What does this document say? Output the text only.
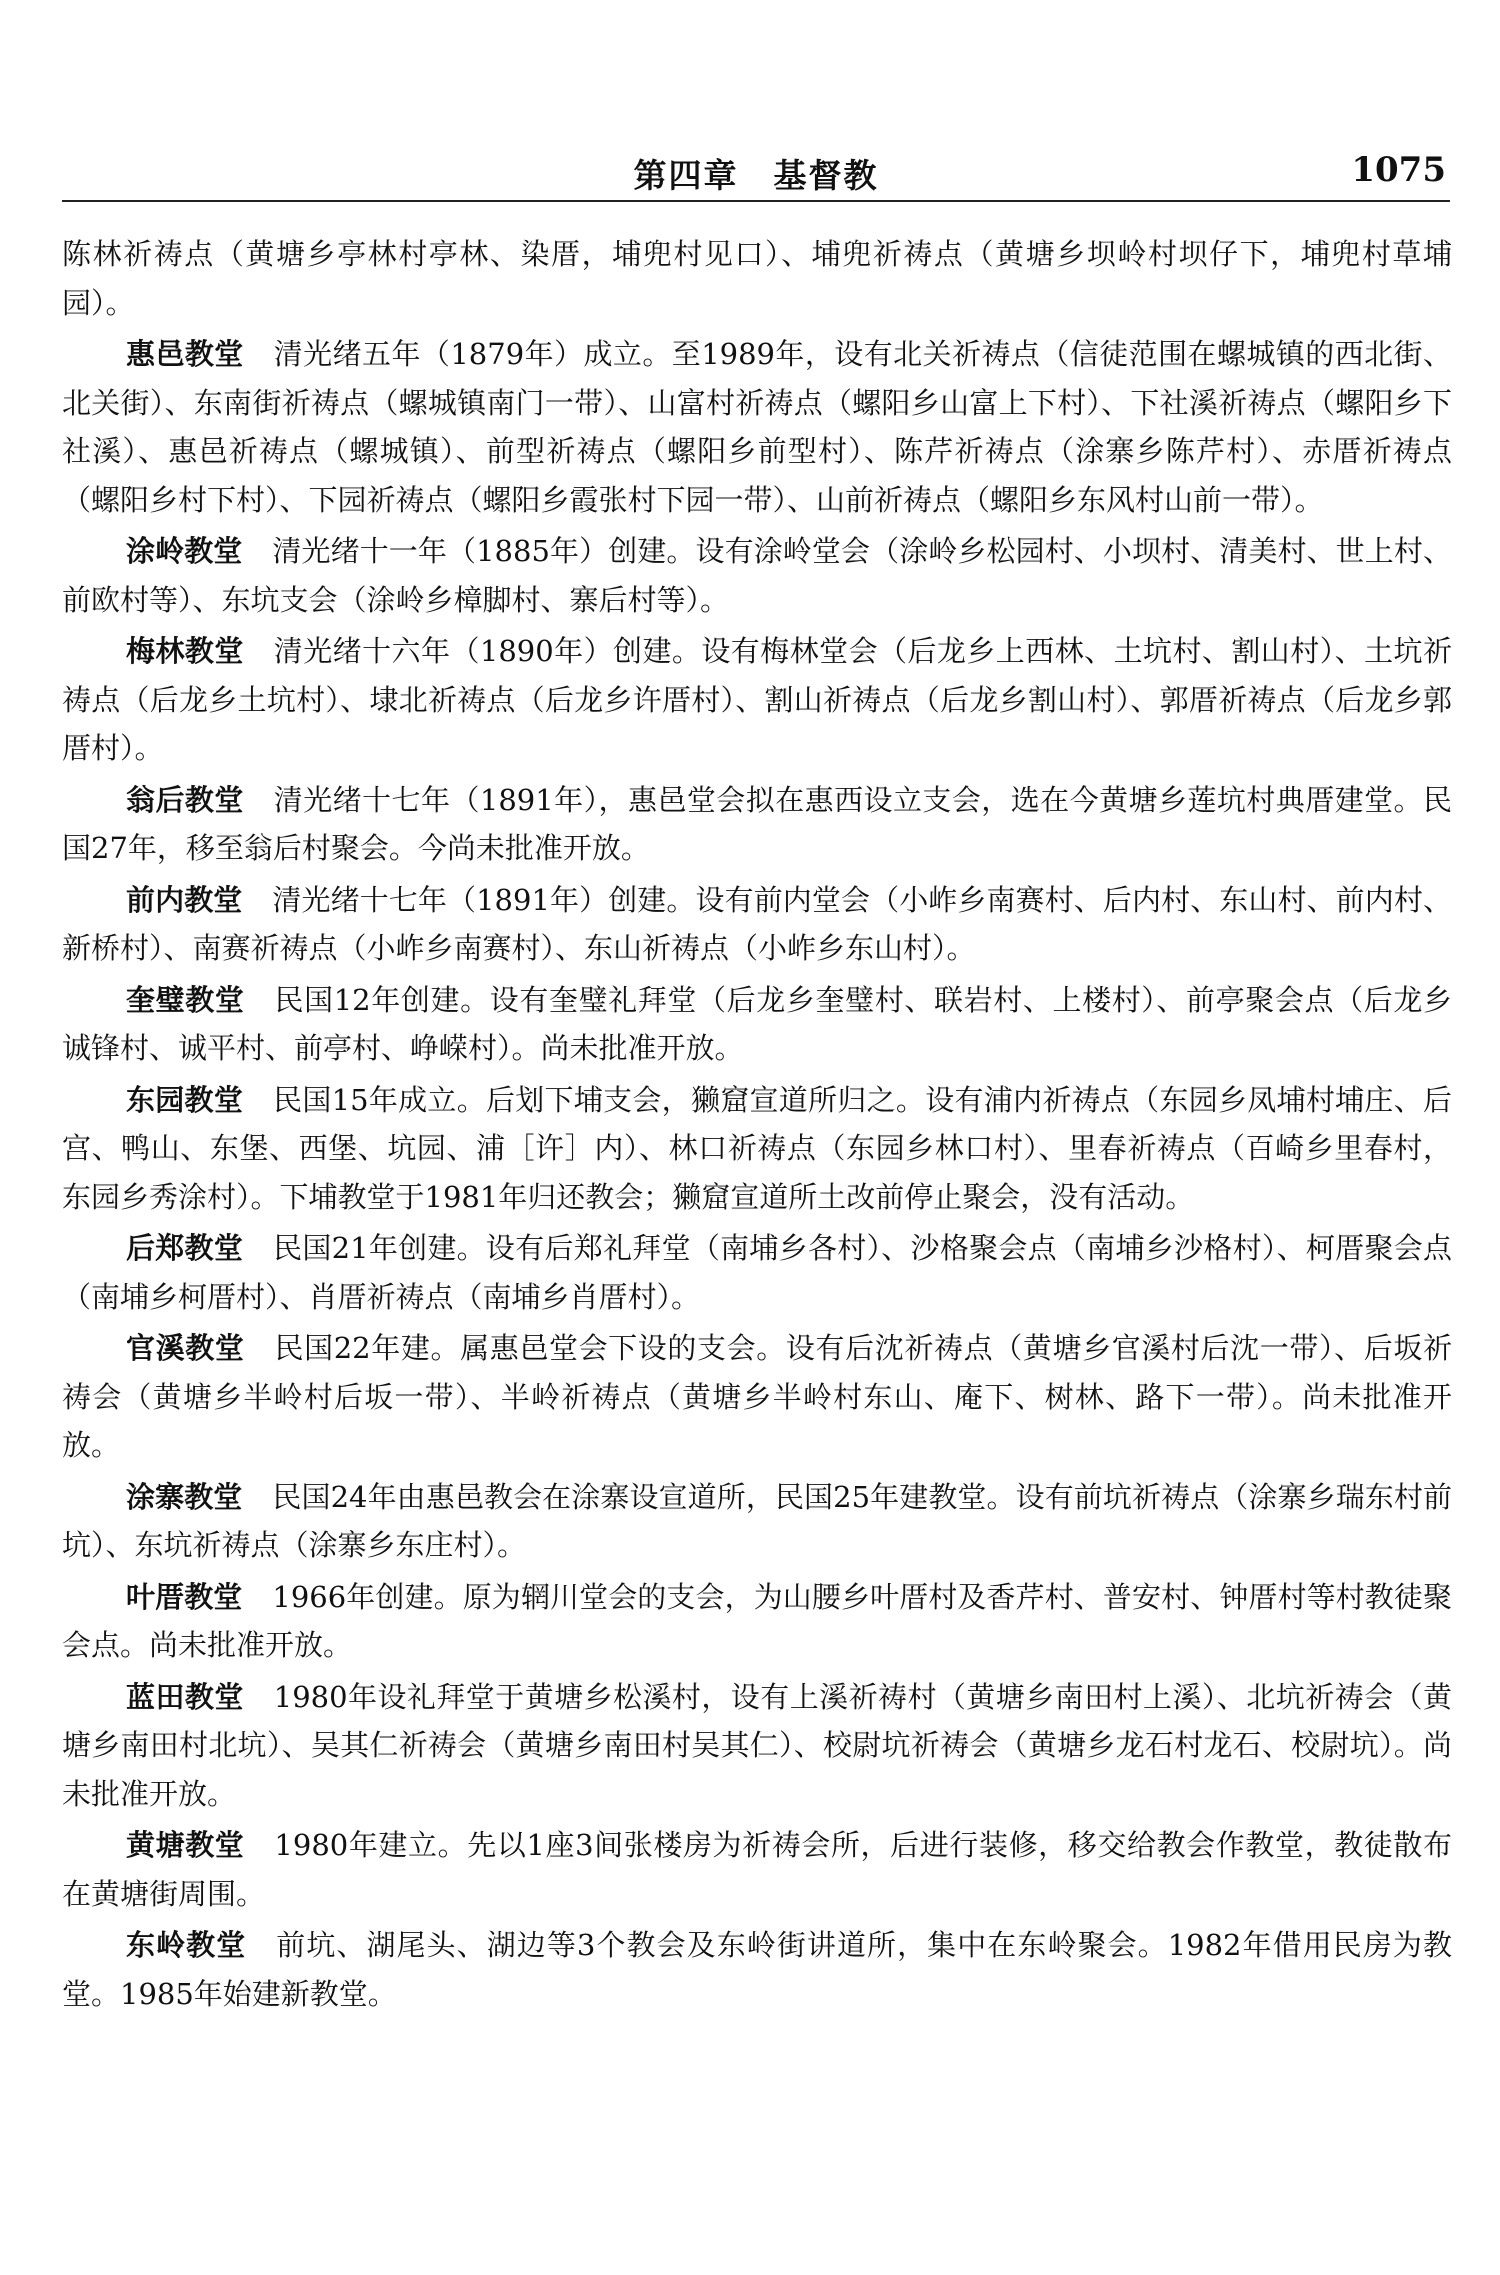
第四章　基督教	1075

陈林祈祷点（黄塘乡亭林村亭林、染厝，埔兜村见口）、埔兜祈祷点（黄塘乡坝岭村坝仔下，埔兜村草埔园）。

惠邑教堂 清光绪五年（1879年）成立。至1989年，设有北关祈祷点（信徒范围在螺城镇的西北街、北关街）、东南街祈祷点（螺城镇南门一带）、山富村祈祷点（螺阳乡山富上下村）、下社溪祈祷点（螺阳乡下社溪）、惠邑祈祷点（螺城镇）、前型祈祷点（螺阳乡前型村）、陈芹祈祷点（涂寨乡陈芹村）、赤厝祈祷点（螺阳乡村下村）、下园祈祷点（螺阳乡霞张村下园一带）、山前祈祷点（螺阳乡东风村山前一带）。

涂岭教堂 清光绪十一年（1885年）创建。设有涂岭堂会（涂岭乡松园村、小坝村、清美村、世上村、前欧村等）、东坑支会（涂岭乡樟脚村、寨后村等）。

梅林教堂 清光绪十六年（1890年）创建。设有梅林堂会（后龙乡上西林、土坑村、割山村）、土坑祈祷点（后龙乡土坑村）、埭北祈祷点（后龙乡许厝村）、割山祈祷点（后龙乡割山村）、郭厝祈祷点（后龙乡郭厝村）。

翁后教堂 清光绪十七年（1891年），惠邑堂会拟在惠西设立支会，选在今黄塘乡莲坑村典厝建堂。民国27年，移至翁后村聚会。今尚未批准开放。

前内教堂 清光绪十七年（1891年）创建。设有前内堂会（小岞乡南赛村、后内村、东山村、前内村、新桥村）、南赛祈祷点（小岞乡南赛村）、东山祈祷点（小岞乡东山村）。

奎璧教堂 民国12年创建。设有奎璧礼拜堂（后龙乡奎璧村、联岩村、上楼村）、前亭聚会点（后龙乡诚锋村、诚平村、前亭村、峥嵘村）。尚未批准开放。

东园教堂 民国15年成立。后划下埔支会，獭窟宣道所归之。设有浦内祈祷点（东园乡凤埔村埔庄、后宫、鸭山、东堡、西堡、坑园、浦［许］内）、林口祈祷点（东园乡林口村）、里春祈祷点（百崎乡里春村，东园乡秀涂村）。下埔教堂于1981年归还教会；獭窟宣道所土改前停止聚会，没有活动。

后郑教堂 民国21年创建。设有后郑礼拜堂（南埔乡各村）、沙格聚会点（南埔乡沙格村）、柯厝聚会点（南埔乡柯厝村）、肖厝祈祷点（南埔乡肖厝村）。

官溪教堂 民国22年建。属惠邑堂会下设的支会。设有后沈祈祷点（黄塘乡官溪村后沈一带）、后坂祈祷会（黄塘乡半岭村后坂一带）、半岭祈祷点（黄塘乡半岭村东山、庵下、树林、路下一带）。尚未批准开放。

涂寨教堂 民国24年由惠邑教会在涂寨设宣道所，民国25年建教堂。设有前坑祈祷点（涂寨乡瑞东村前坑）、东坑祈祷点（涂寨乡东庄村）。

叶厝教堂 1966年创建。原为辋川堂会的支会，为山腰乡叶厝村及香芹村、普安村、钟厝村等村教徒聚会点。尚未批准开放。

蓝田教堂 1980年设礼拜堂于黄塘乡松溪村，设有上溪祈祷村（黄塘乡南田村上溪）、北坑祈祷会（黄塘乡南田村北坑）、吴其仁祈祷会（黄塘乡南田村吴其仁）、校尉坑祈祷会（黄塘乡龙石村龙石、校尉坑）。尚未批准开放。

黄塘教堂 1980年建立。先以1座3间张楼房为祈祷会所，后进行装修，移交给教会作教堂，教徒散布在黄塘街周围。

东岭教堂 前坑、湖尾头、湖边等3个教会及东岭街讲道所，集中在东岭聚会。1982年借用民房为教堂。1985年始建新教堂。
